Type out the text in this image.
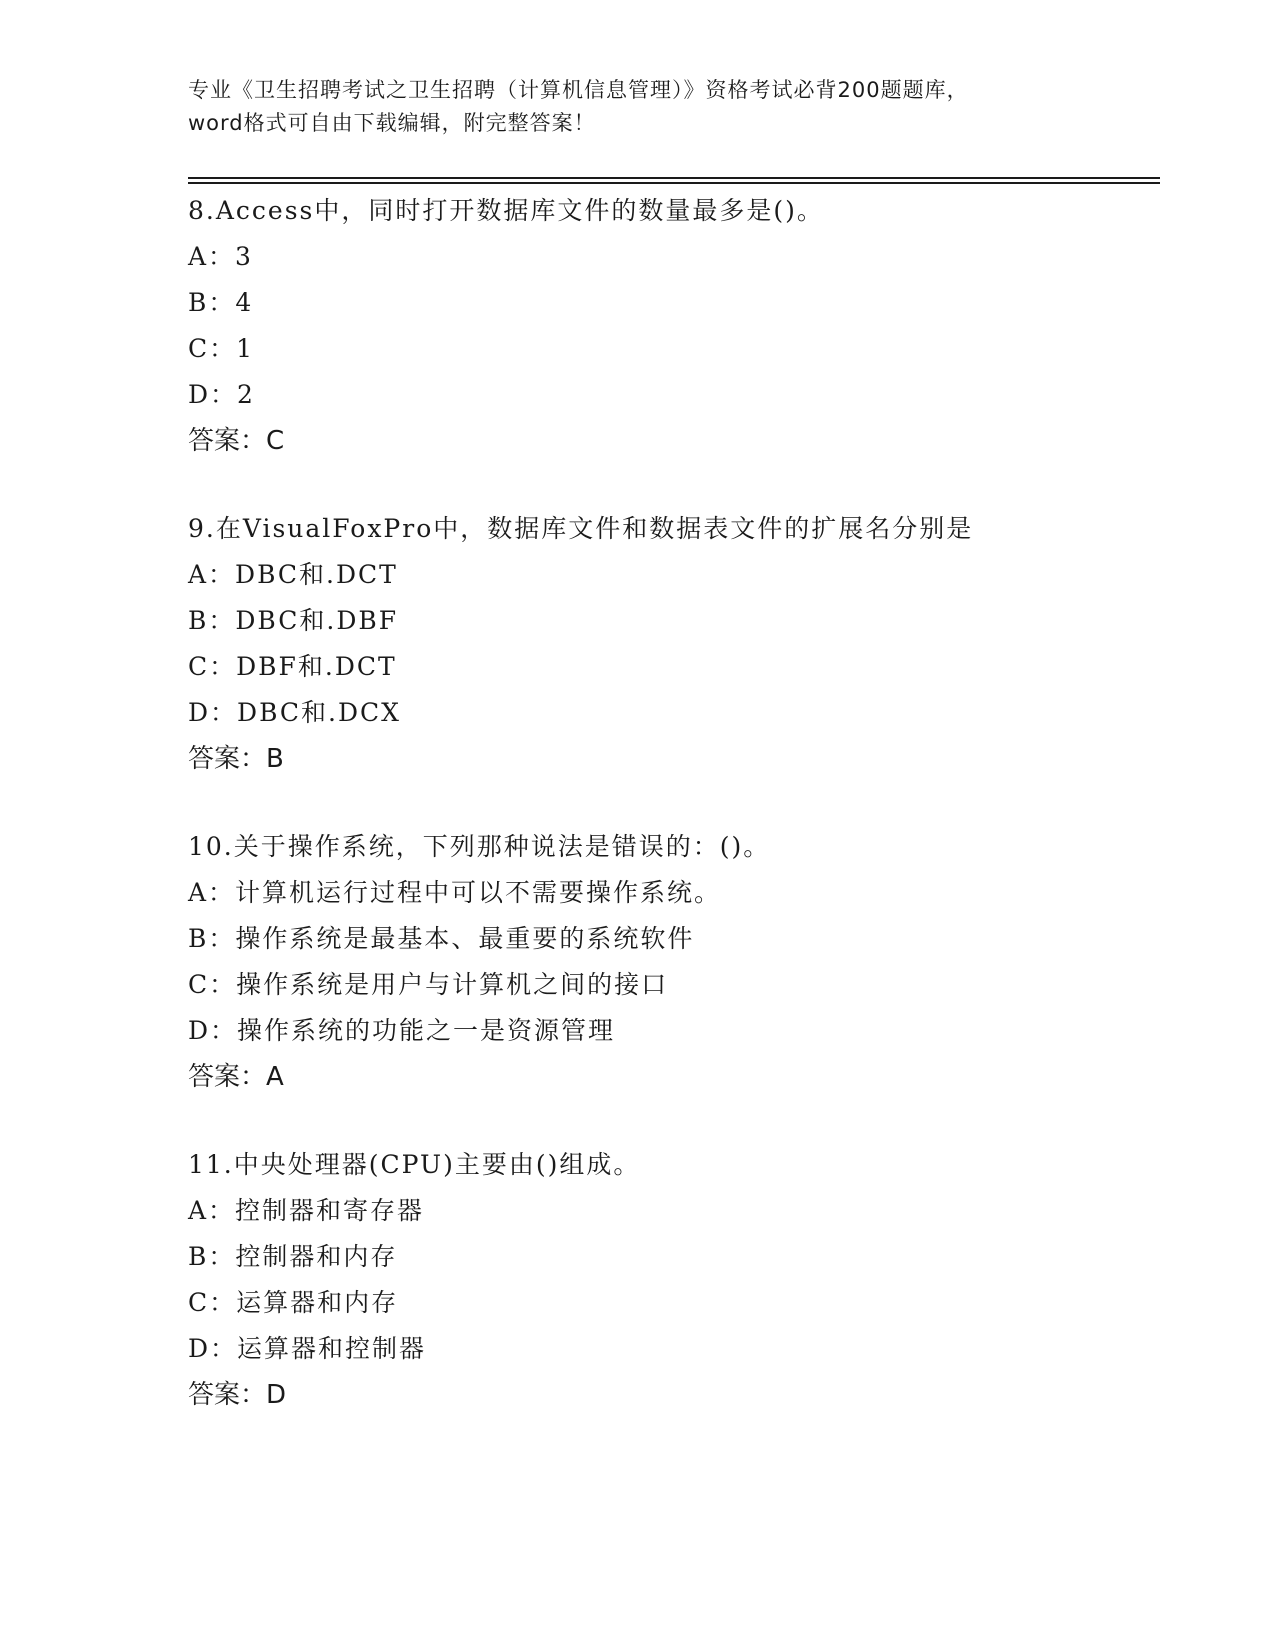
专业《卫生招聘考试之卫生招聘（计算机信息管理）》资格考试必背200题题库，
word格式可自由下载编辑，附完整答案！
8.Access中，同时打开数据库文件的数量最多是()。
A：3
B：4
C：1
D：2
答案：C
9.在VisualFoxPro中，数据库文件和数据表文件的扩展名分别是
A：DBC和.DCT
B：DBC和.DBF
C：DBF和.DCT
D：DBC和.DCX
答案：B
10.关于操作系统，下列那种说法是错误的：()。
A：计算机运行过程中可以不需要操作系统。
B：操作系统是最基本、最重要的系统软件
C：操作系统是用户与计算机之间的接口
D：操作系统的功能之一是资源管理
答案：A
11.中央处理器(CPU)主要由()组成。
A：控制器和寄存器
B：控制器和内存
C：运算器和内存
D：运算器和控制器
答案：D
